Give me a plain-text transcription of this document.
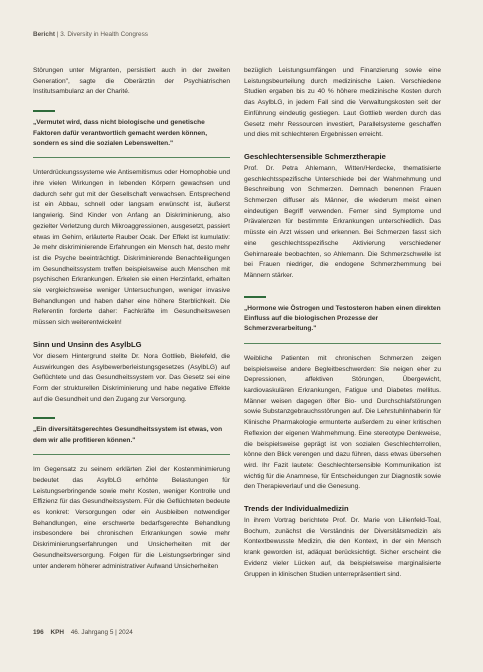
Bericht | 3. Diversity in Health Congress

Störungen unter Migranten, persistiert auch in der zweiten Generation", sagte die Oberärztin der Psychiatrischen Institutsambulanz an der Charité.

„Vermutet wird, dass nicht biologische und genetische Faktoren dafür verantwortlich gemacht werden können, sondern es sind die sozialen Lebenswelten."

Unterdrückungssysteme wie Antisemitismus oder Homophobie und ihre vielen Wirkungen in lebenden Körpern gewachsen und dadurch sehr gut mit der Gesellschaft verwachsen. Entsprechend ist ein Abbau, schnell oder langsam erwünscht ist, äußerst langwierig. Sind Kinder von Anfang an Diskriminierung, also gezielter Verletzung durch Mikroaggressionen, ausgesetzt, passiert etwas im Gehirn, erläuterte Rauber Ocak. Der Effekt ist kumulativ: Je mehr diskriminierende Erfahrungen ein Mensch hat, desto mehr ist die Psyche beeinträchtigt. Diskriminierende Benachteiligungen im Gesundheitssystem treffen beispielsweise auch Menschen mit psychischen Erkrankungen. Erkelen sie einen Herzinfarkt, erhalten sie vergleichsweise weniger Untersuchungen, weniger invasive Behandlungen und haben daher eine höhere Sterblichkeit. Die Referentin forderte daher: Fachkräfte im Gesundheitswesen müssen sich weiterentwickeln!

Sinn und Unsinn des AsylbLG

Vor diesem Hintergrund stellte Dr. Nora Gottlieb, Bielefeld, die Auswirkungen des Asylbewerberleistungsgesetzes (AsylbLG) auf Geflüchtete und das Gesundheitssystem vor. Das Gesetz sei eine Form der strukturellen Diskriminierung und habe negative Effekte auf die Gesundheit und den Zugang zur Versorgung.

„Ein diversitätsgerechtes Gesundheitssystem ist etwas, von dem wir alle profitieren können."

Im Gegensatz zu seinem erklärten Ziel der Kostenminimierung bedeutet das AsylbLG erhöhte Belastungen für Leistungserbringende sowie mehr Kosten, weniger Kontrolle und Effizienz für das Gesundheitssystem. Für die Geflüchteten bedeute es konkret: Versorgungen oder ein Ausbleiben notwendiger Behandlungen, eine erschwerte bedarfsgerechte Behandlung insbesondere bei chronischen Erkrankungen sowie mehr Diskriminierungserfahrungen und Unsicherheiten mit der Gesundheitsversorgung. Folgen für die Leistungserbringer sind unter anderem höherer administrativer Aufwand Unsicherheiten

bezüglich Leistungsumfängen und Finanzierung sowie eine Leistungsbeurteilung durch medizinische Laien. Verschiedene Studien ergaben bis zu 40 % höhere medizinische Kosten durch das AsylbLG, in jedem Fall sind die Verwaltungskosten seit der Einführung eindeutig gestiegen. Laut Gottlieb werden durch das Gesetz mehr Ressourcen investiert, Parallelsysteme geschaffen und dies mit schlechteren Ergebnissen erreicht.

Geschlechtersensible Schmerztherapie

Prof. Dr. Petra Ahlemann, Witten/Herdecke, thematisierte geschlechtsspezifische Unterschiede bei der Wahrnehmung und Beschreibung von Schmerzen. Demnach benennen Frauen Schmerzen diffuser als Männer, die wiederum meist einen eindeutigen Begriff verwenden. Ferner sind Symptome und Prävalenzen für bestimmte Erkrankungen unterschiedlich. Das müsste ein Arzt wissen und erkennen. Bei Schmerzen fasst sich eine geschlechtsspezifische Aktivierung verschiedener Gehirnareale beobachten, so Ahlemann. Die Schmerzschwelle ist bei Frauen niedriger, die endogene Schmerzhemmung bei Männern stärker.

„Hormone wie Östrogen und Testosteron haben einen direkten Einfluss auf die biologischen Prozesse der Schmerzverarbeitung."

Weibliche Patienten mit chronischen Schmerzen zeigen beispielsweise andere Begleitbeschwerden: Sie neigen eher zu Depressionen, affektiven Störungen, Übergewicht, kardiovaskulären Erkrankungen, Fatigue und Diabetes mellitus. Männer weisen dagegen öfter Bio- und Durchschlafstörungen sowie Substanzgebrauchsstörungen auf. Die Lehrstuhlinhaberin für Klinische Pharmakologie ermunterte außerdem zu einer kritischen Reflexion der eigenen Wahrnehmung. Eine stereotype Denkweise, die beispielsweise geprägt ist von sozialen Geschlechterrollen, könne den Blick verengen und dazu führen, dass etwas übersehen wird. Ihr Fazit lautete: Geschlechtersensible Kommunikation ist wichtig für die Anamnese, für Entscheidungen zur Diagnostik sowie den Therapieverlauf und die Genesung.

Trends der Individualmedizin

In ihrem Vortrag berichtete Prof. Dr. Marie von Lilienfeld-Toal, Bochum, zunächst die Verständnis der Diversitätsmedizin als Kontextbewusste Medizin, die den Kontext, in der ein Mensch krank geworden ist, adäquat berücksichtigt. Sicher erscheint die Evidenz vieler Lücken auf, da beispielsweise marginalisierte Gruppen in klinischen Studien unterrepräsentiert sind.

196 KPH 46. Jahrgang 5 | 2024
